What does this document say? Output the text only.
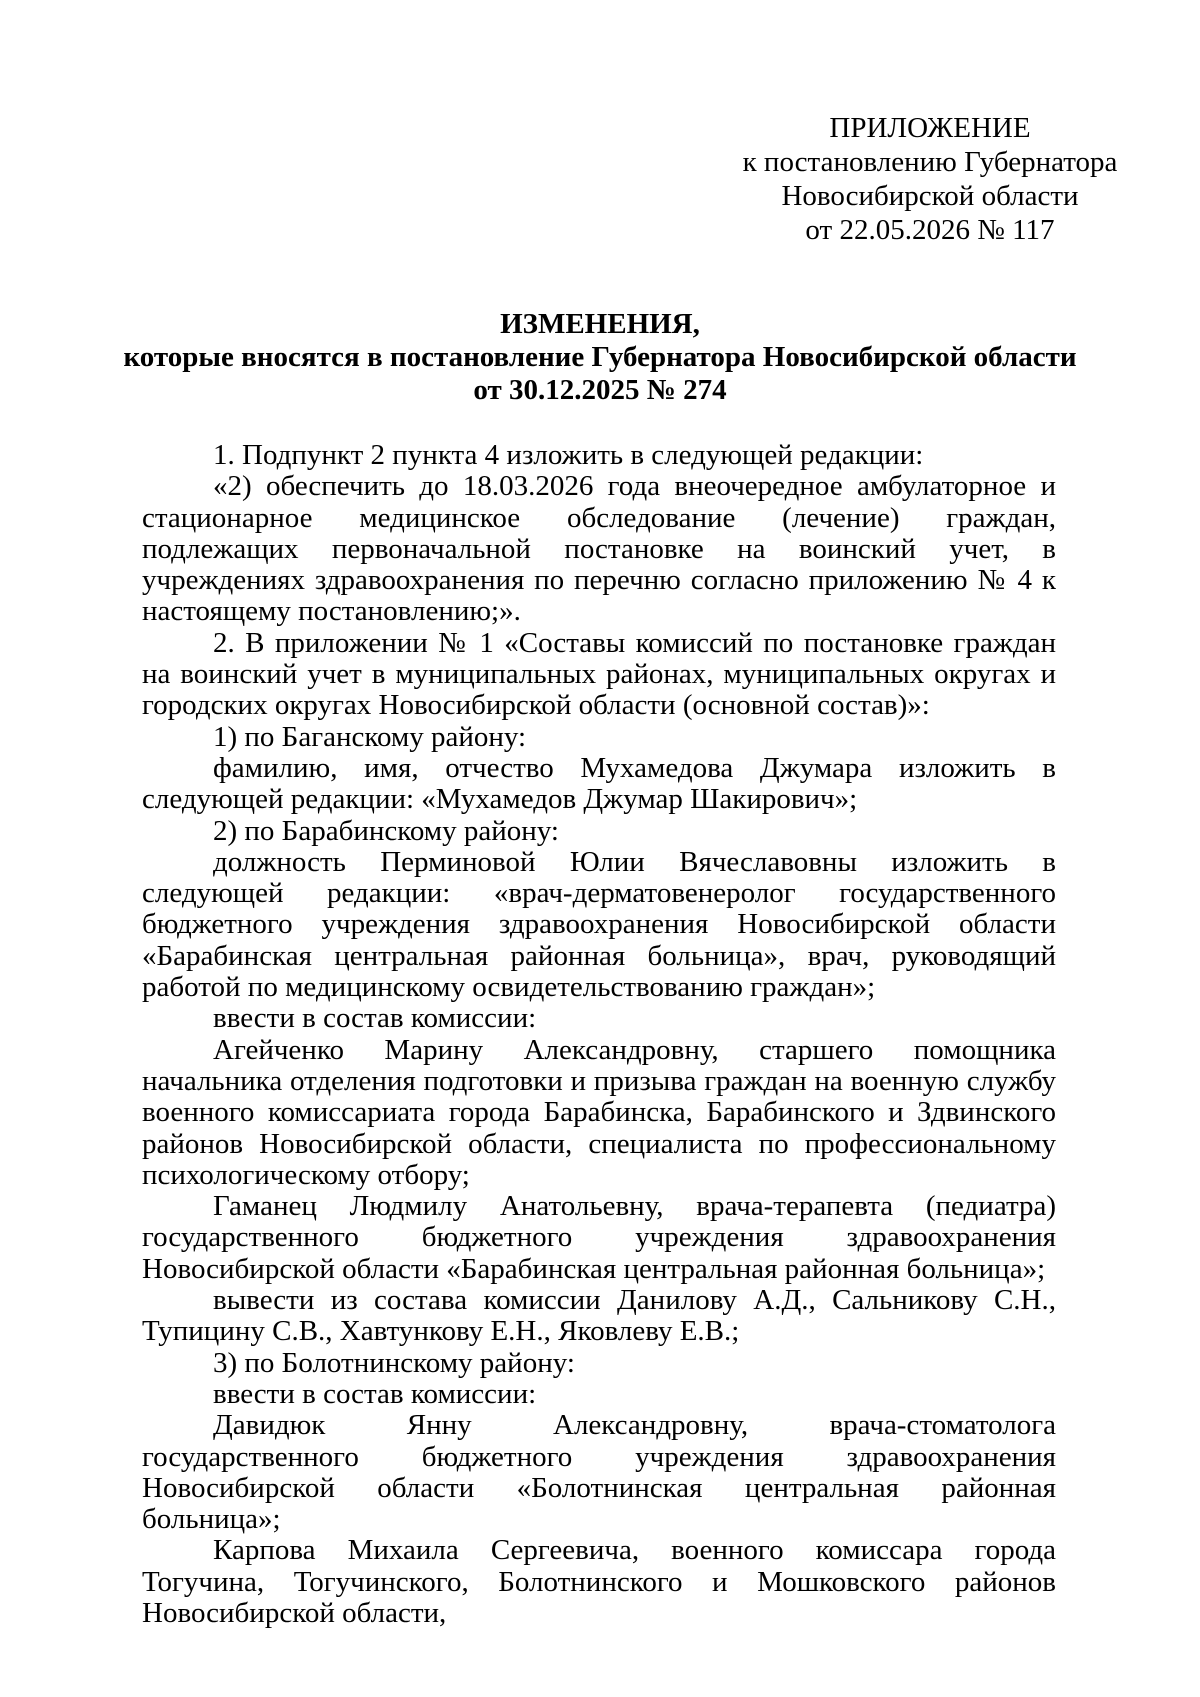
ПРИЛОЖЕНИЕ
к постановлению Губернатора
Новосибирской области
от 22.05.2026 № 117
ИЗМЕНЕНИЯ,
которые вносятся в постановление Губернатора Новосибирской области
от 30.12.2025 № 274

1. Подпункт 2 пункта 4 изложить в следующей редакции:

«2) обеспечить до 18.03.2026 года внеочередное амбулаторное и стационарное медицинское обследование (лечение) граждан, подлежащих первоначальной постановке на воинский учет, в учреждениях здравоохранения по перечню согласно приложению № 4 к настоящему постановлению;».

2. В приложении № 1 «Составы комиссий по постановке граждан на воинский учет в муниципальных районах, муниципальных округах и городских округах Новосибирской области (основной состав)»:

1) по Баганскому району:

фамилию, имя, отчество Мухамедова Джумара изложить в следующей редакции: «Мухамедов Джумар Шакирович»;

2) по Барабинскому району:

должность Перминовой Юлии Вячеславовны изложить в следующей редакции: «врач-дерматовенеролог государственного бюджетного учреждения здравоохранения Новосибирской области «Барабинская центральная районная больница», врач, руководящий работой по медицинскому освидетельствованию граждан»;

ввести в состав комиссии:

Агейченко Марину Александровну, старшего помощника начальника отделения подготовки и призыва граждан на военную службу военного комиссариата города Барабинска, Барабинского и Здвинского районов Новосибирской области, специалиста по профессиональному психологическому отбору;

Гаманец Людмилу Анатольевну, врача-терапевта (педиатра) государственного бюджетного учреждения здравоохранения Новосибирской области «Барабинская центральная районная больница»;

вывести из состава комиссии Данилову А.Д., Сальникову С.Н., Тупицину С.В., Хавтункову Е.Н., Яковлеву Е.В.;

3) по Болотнинскому району:

ввести в состав комиссии:

Давидюк Янну Александровну, врача-стоматолога государственного бюджетного учреждения здравоохранения Новосибирской области «Болотнинская центральная районная больница»;

Карпова Михаила Сергеевича, военного комиссара города Тогучина, Тогучинского, Болотнинского и Мошковского районов Новосибирской области,
